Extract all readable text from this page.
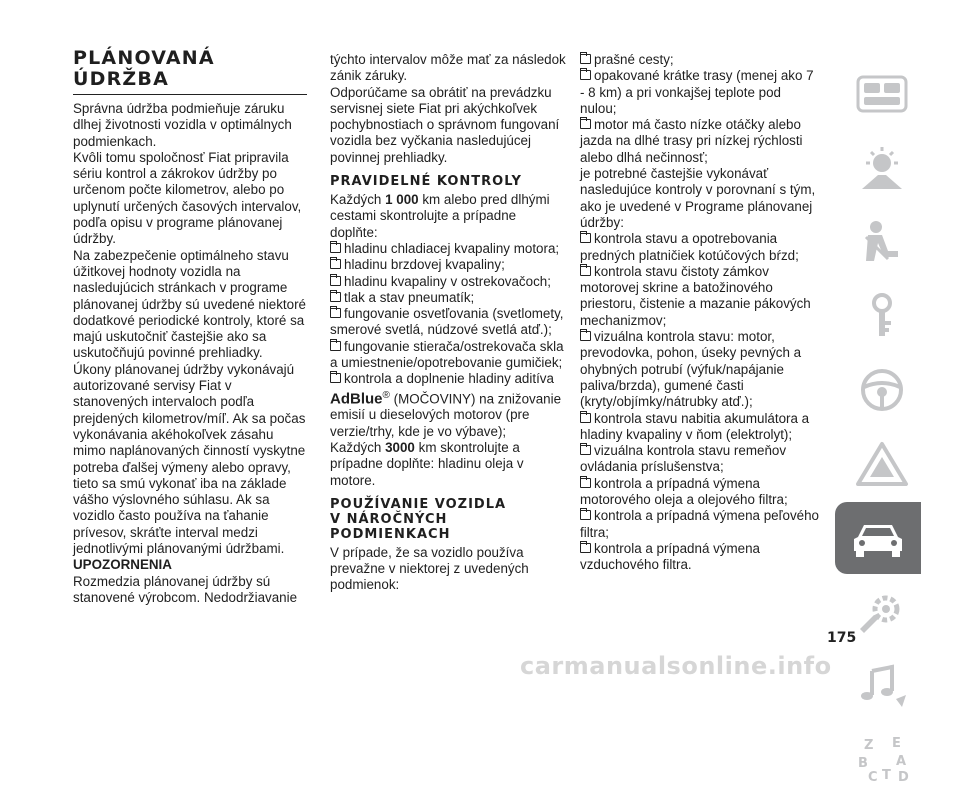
PLÁNOVANÁ
ÚDRŽBA

Správna údržba podmieňuje záruku dlhej životnosti vozidla v optimálnych podmienkach.

Kvôli tomu spoločnosť Fiat pripravila sériu kontrol a zákrokov údržby po určenom počte kilometrov, alebo po uplynutí určených časových intervalov, podľa opisu v programe plánovanej údržby.

Na zabezpečenie optimálneho stavu úžitkovej hodnoty vozidla na nasledujúcich stránkach v programe plánovanej údržby sú uvedené niektoré dodatkové periodické kontroly, ktoré sa majú uskutočniť častejšie ako sa uskutočňujú povinné prehliadky.

Úkony plánovanej údržby vykonávajú autorizované servisy Fiat v stanovených intervaloch podľa prejdených kilometrov/míľ. Ak sa počas vykonávania akéhokoľvek zásahu mimo naplánovaných činností vyskytne potreba ďalšej výmeny alebo opravy, tieto sa smú vykonať iba na základe vášho výslovného súhlasu. Ak sa vozidlo často používa na ťahanie prívesov, skráťte interval medzi jednotlivými plánovanými údržbami.

UPOZORNENIA

Rozmedzia plánovanej údržby sú stanovené výrobcom. Nedodržiavanie

týchto intervalov môže mať za následok zánik záruky.

Odporúčame sa obrátiť na prevádzku servisnej siete Fiat pri akýchkoľvek pochybnostiach o správnom fungovaní vozidla bez vyčkania nasledujúcej povinnej prehliadky.

PRAVIDELNÉ KONTROLY

Každých 1 000 km alebo pred dlhými cestami skontrolujte a prípadne doplňte:

hladinu chladiacej kvapaliny motora;

hladinu brzdovej kvapaliny;

hladinu kvapaliny v ostrekovačoch;

tlak a stav pneumatík;

fungovanie osvetľovania (svetlomety, smerové svetlá, núdzové svetlá atď.);

fungovanie stierača/ostrekovača skla a umiestnenie/opotrebovanie gumičiek;

kontrola a doplnenie hladiny aditíva

AdBlue® (MOČOVINY) na znižovanie emisií u dieselových motorov (pre verzie/trhy, kde je vo výbave);

Každých 3000 km skontrolujte a prípadne doplňte: hladinu oleja v motore.

POUŽÍVANIE VOZIDLA
V NÁROČNÝCH
PODMIENKACH

V prípade, že sa vozidlo používa prevažne v niektorej z uvedených podmienok:

prašné cesty;

opakované krátke trasy (menej ako 7 - 8 km) a pri vonkajšej teplote pod nulou;

motor má často nízke otáčky alebo jazda na dlhé trasy pri nízkej rýchlosti alebo dlhá nečinnosť;

je potrebné častejšie vykonávať nasledujúce kontroly v porovnaní s tým, ako je uvedené v Programe plánovanej údržby:

kontrola stavu a opotrebovania predných platničiek kotúčových bŕzd;

kontrola stavu čistoty zámkov motorovej skrine a batožinového priestoru, čistenie a mazanie pákových mechanizmov;

vizuálna kontrola stavu: motor, prevodovka, pohon, úseky pevných a ohybných potrubí (výfuk/napájanie paliva/brzda), gumené časti (kryty/objímky/nátrubky atď.);

kontrola stavu nabitia akumulátora a hladiny kvapaliny v ňom (elektrolyt);

vizuálna kontrola stavu remeňov ovládania príslušenstva;

kontrola a prípadná výmena motorového oleja a olejového filtra;

kontrola a prípadná výmena peľového filtra;

kontrola a prípadná výmena vzduchového filtra.

Z E
B A
C T D
175
carmanualsonline.info
